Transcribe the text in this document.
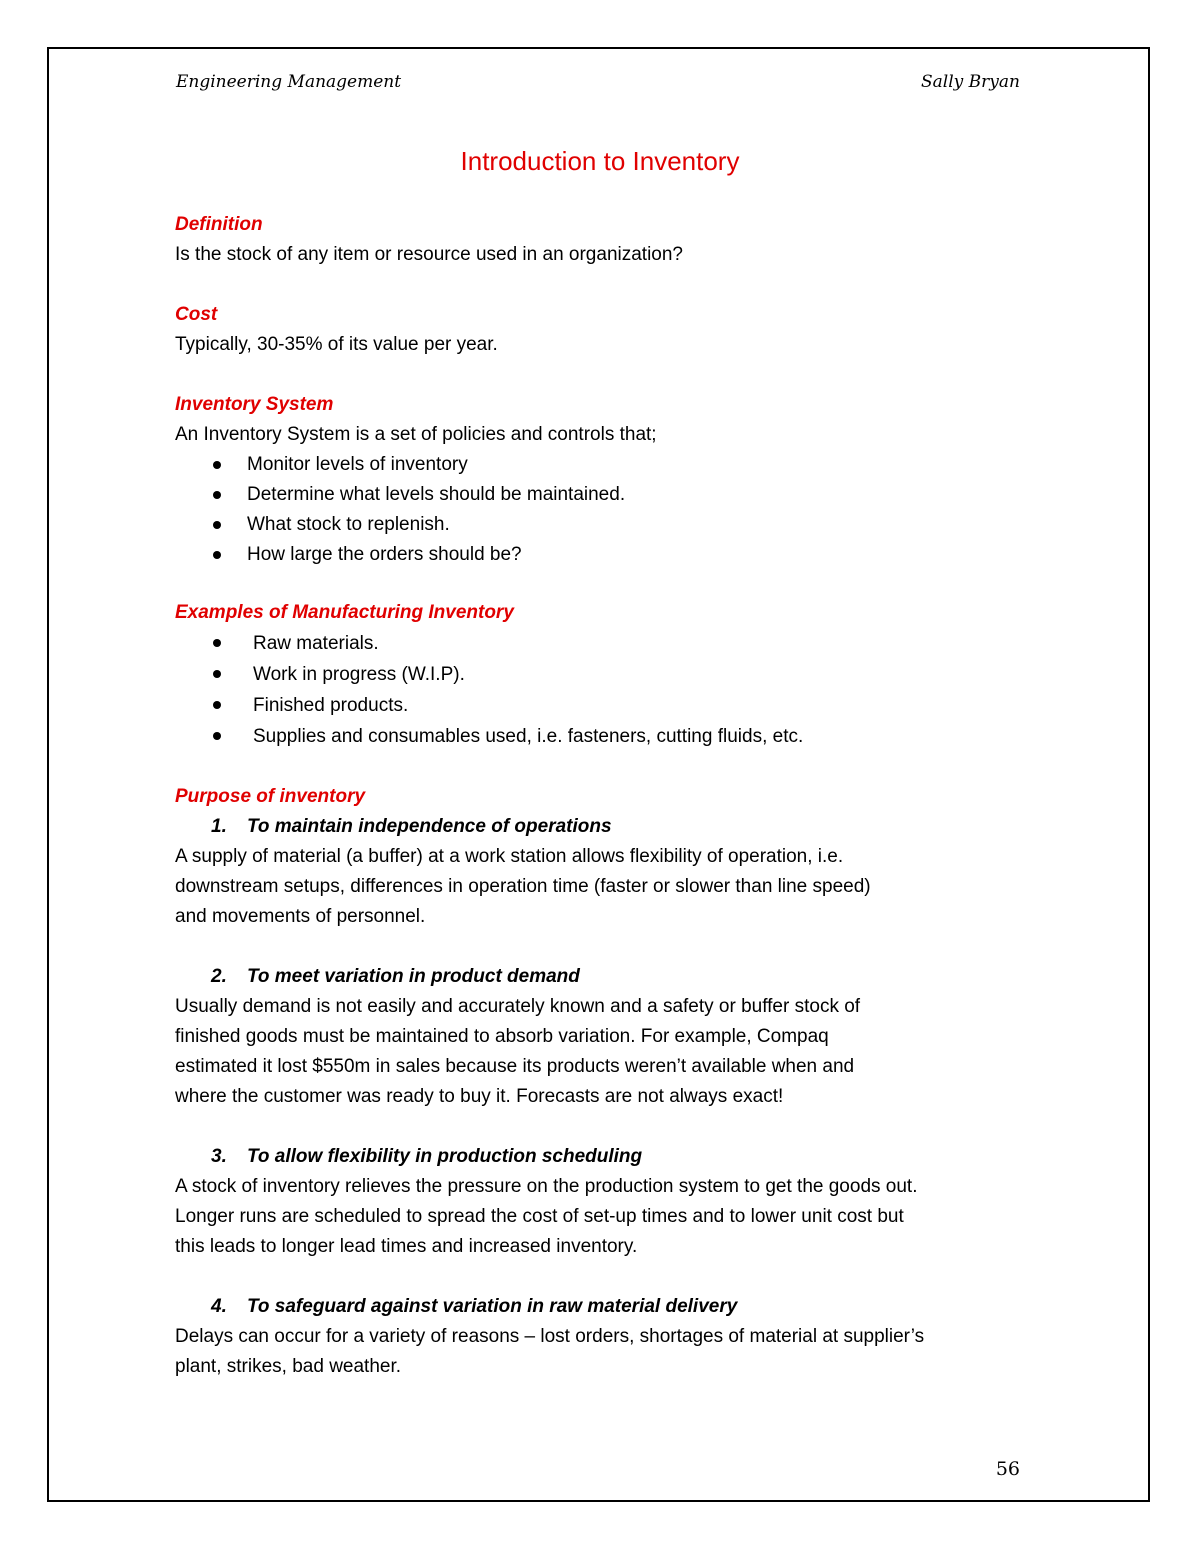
Engineering Management	Sally Bryan
Introduction to Inventory

Definition

Is the stock of any item or resource used in an organization?

Cost

Typically, 30-35% of its value per year.

Inventory System

An Inventory System is a set of policies and controls that;

Monitor levels of inventory
Determine what levels should be maintained.
What stock to replenish.
How large the orders should be?

Examples of Manufacturing Inventory

Raw materials.
Work in progress (W.I.P).
Finished products.
Supplies and consumables used, i.e. fasteners, cutting fluids, etc.

Purpose of inventory

1. To maintain independence of operations

A supply of material (a buffer) at a work station allows flexibility of operation, i.e.

downstream setups, differences in operation time (faster or slower than line speed)

and movements of personnel.

2. To meet variation in product demand

Usually demand is not easily and accurately known and a safety or buffer stock of

finished goods must be maintained to absorb variation. For example, Compaq

estimated it lost $550m in sales because its products weren’t available when and

where the customer was ready to buy it. Forecasts are not always exact!

3. To allow flexibility in production scheduling

A stock of inventory relieves the pressure on the production system to get the goods out.

Longer runs are scheduled to spread the cost of set-up times and to lower unit cost but

this leads to longer lead times and increased inventory.

4. To safeguard against variation in raw material delivery

Delays can occur for a variety of reasons – lost orders, shortages of material at supplier’s

plant, strikes, bad weather.

56
